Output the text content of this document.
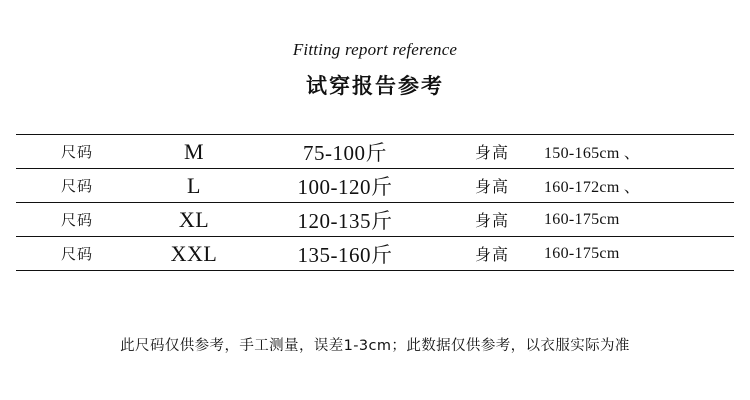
Fitting report reference
试穿报告参考
尺码	M	75-100斤	身高	150-165cm 、
尺码	L	100-120斤	身高	160-172cm 、
尺码	XL	120-135斤	身高	160-175cm
尺码	XXL	135-160斤	身高	160-175cm
此尺码仅供参考，手工测量，误差1-3cm；此数据仅供参考，以衣服实际为准
